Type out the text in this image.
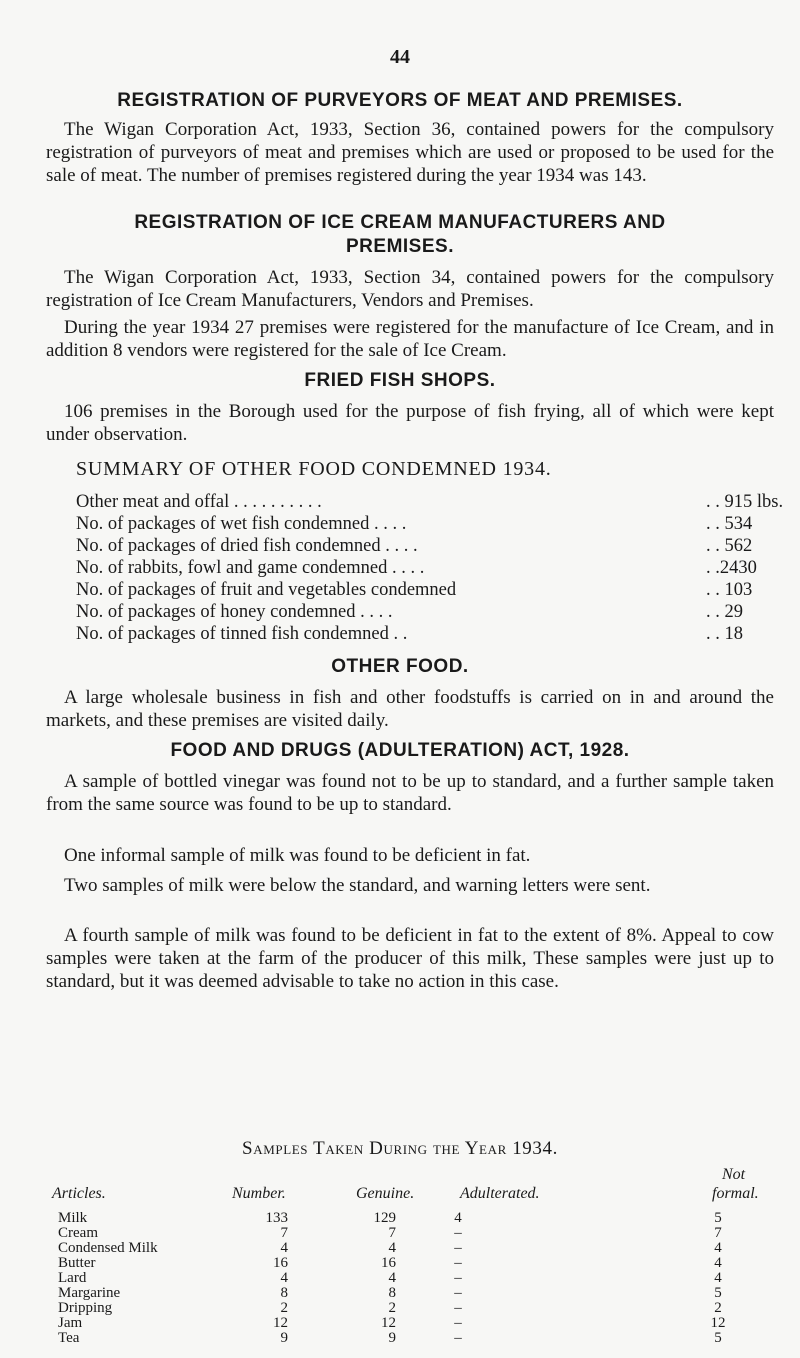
44
REGISTRATION OF PURVEYORS OF MEAT AND PREMISES.
The Wigan Corporation Act, 1933, Section 36, contained powers for the compulsory registration of purveyors of meat and premises which are used or proposed to be used for the sale of meat. The number of premises registered during the year 1934 was 143.
REGISTRATION OF ICE CREAM MANUFACTURERS AND
PREMISES.
The Wigan Corporation Act, 1933, Section 34, contained powers for the compulsory registration of Ice Cream Manufacturers, Vendors and Premises.
During the year 1934 27 premises were registered for the manufacture of Ice Cream, and in addition 8 vendors were registered for the sale of Ice Cream.
FRIED FISH SHOPS.
106 premises in the Borough used for the purpose of fish frying, all of which were kept under observation.
SUMMARY OF OTHER FOOD CONDEMNED 1934.
Other meat and offal . . . . . . . . . .	. . 915 lbs.
No. of packages of wet fish condemned . . . .	. . 534
No. of packages of dried fish condemned . . . .	. . 562
No. of rabbits, fowl and game condemned . . . .	. .2430
No. of packages of fruit and vegetables condemned	. . 103
No. of packages of honey condemned . . . .	. . 29
No. of packages of tinned fish condemned . .	. . 18
OTHER FOOD.
A large wholesale business in fish and other foodstuffs is carried on in and around the markets, and these premises are visited daily.
FOOD AND DRUGS (ADULTERATION) ACT, 1928.
A sample of bottled vinegar was found not to be up to standard, and a further sample taken from the same source was found to be up to standard.
One informal sample of milk was found to be deficient in fat.
Two samples of milk were below the standard, and warning letters were sent.
A fourth sample of milk was found to be deficient in fat to the extent of 8%. Appeal to cow samples were taken at the farm of the producer of this milk, These samples were just up to standard, but it was deemed advisable to take no action in this case.
Samples Taken During the Year 1934.
Not
Articles.	Number.	Genuine.	Adulterated.	formal.
Milk	133	129	4	5
Cream	7	7	–	7
Condensed Milk	4	4	–	4
Butter	16	16	–	4
Lard	4	4	–	4
Margarine	8	8	–	5
Dripping	2	2	–	2
Jam	12	12	–	12
Tea	9	9	–	5
